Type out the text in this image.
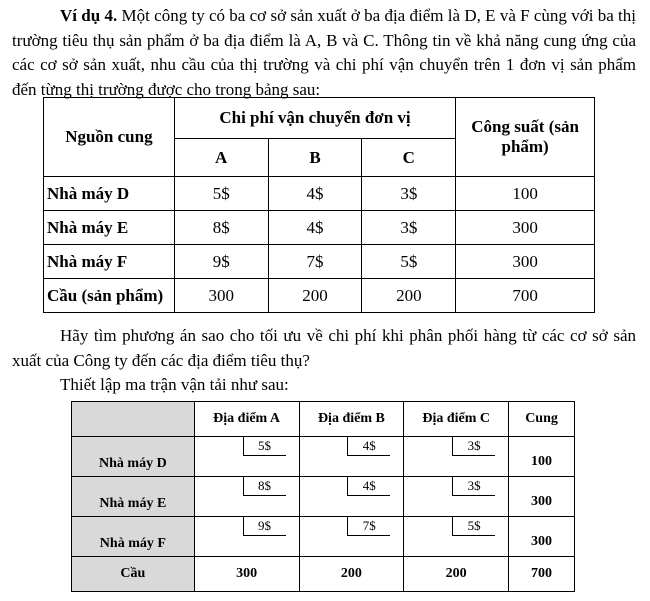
Ví dụ 4. Một công ty có ba cơ sở sản xuất ở ba địa điểm là D, E và F cùng với ba thị trường tiêu thụ sản phẩm ở ba địa điểm là A, B và C. Thông tin về khả năng cung ứng của các cơ sở sản xuất, nhu cầu của thị trường và chi phí vận chuyển trên 1 đơn vị sản phẩm đến từng thị trường được cho trong bảng sau:

Nguồn cung	Chi phí vận chuyển đơn vị			Công suất (sản phẩm)
	A	B	C	
Nhà máy D	5$	4$	3$	100
Nhà máy E	8$	4$	3$	300
Nhà máy F	9$	7$	5$	300
Cầu (sản phẩm)	300	200	200	700

Hãy tìm phương án sao cho tối ưu về chi phí khi phân phối hàng từ các cơ sở sản xuất của Công ty đến các địa điểm tiêu thụ?

Thiết lập ma trận vận tải như sau:

	Địa điểm A	Địa điểm B	Địa điểm C	Cung
Nhà máy D	5$	4$	3$	100
Nhà máy E	8$	4$	3$	300
Nhà máy F	9$	7$	5$	300
Cầu	300	200	200	700
